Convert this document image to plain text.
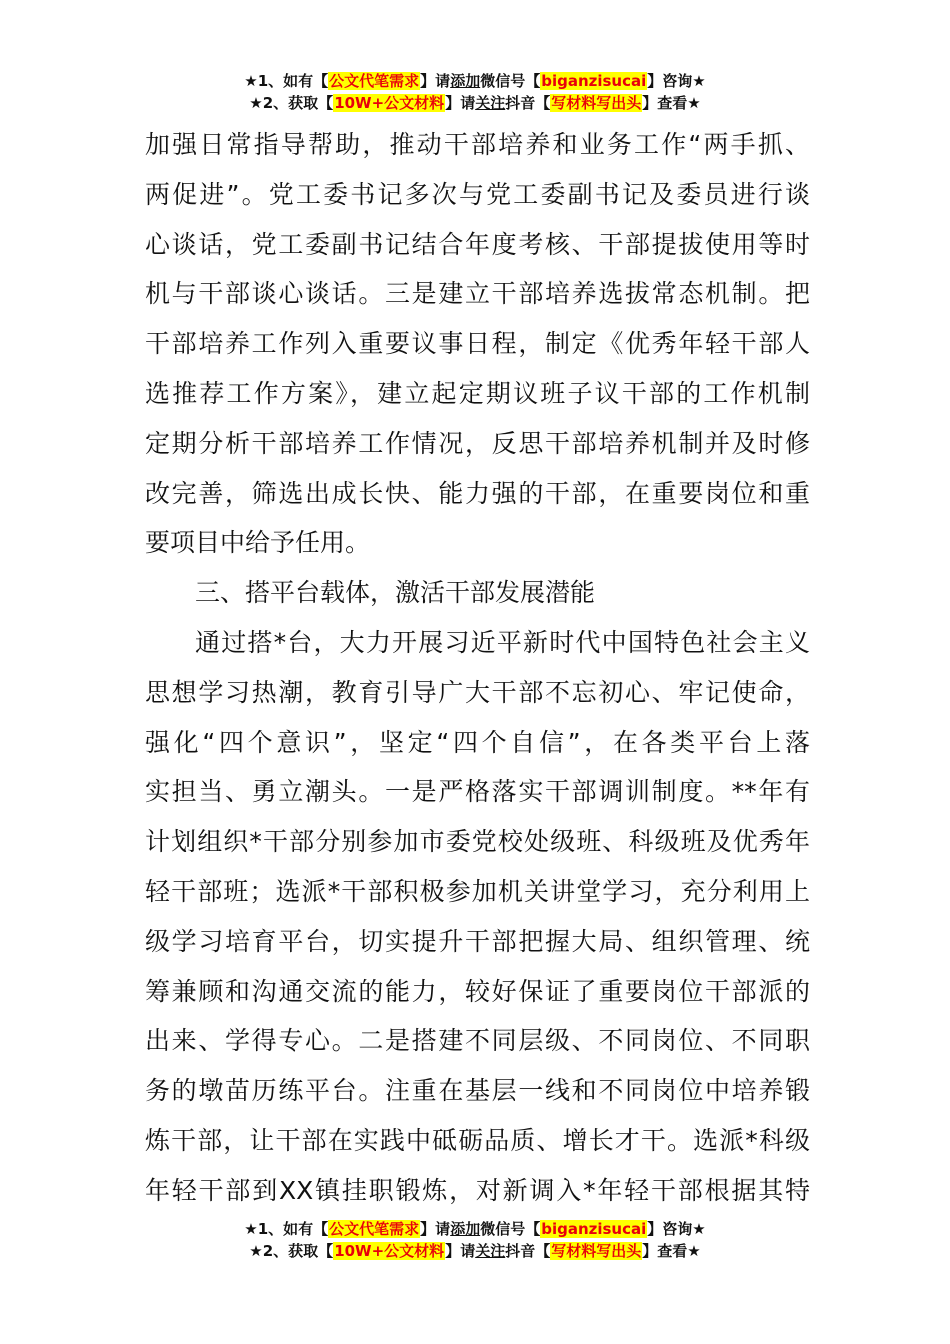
★1、如有【公文代笔需求】请添加微信号【biganzisucai】咨询★
★2、获取【10W+公文材料】请关注抖音【写材料写出头】查看★
加强日常指导帮助，推动干部培养和业务工作“两手抓、
两促进”。党工委书记多次与党工委副书记及委员进行谈
心谈话，党工委副书记结合年度考核、干部提拔使用等时
机与干部谈心谈话。三是建立干部培养选拔常态机制。把
干部培养工作列入重要议事日程，制定《优秀年轻干部人
选推荐工作方案》，建立起定期议班子议干部的工作机制
定期分析干部培养工作情况，反思干部培养机制并及时修
改完善，筛选出成长快、能力强的干部，在重要岗位和重
要项目中给予任用。
三、搭平台载体，激活干部发展潜能
通过搭*台，大力开展习近平新时代中国特色社会主义
思想学习热潮，教育引导广大干部不忘初心、牢记使命，
强化“四个意识”，坚定“四个自信”，在各类平台上落
实担当、勇立潮头。一是严格落实干部调训制度。**年有
计划组织*干部分别参加市委党校处级班、科级班及优秀年
轻干部班；选派*干部积极参加机关讲堂学习，充分利用上
级学习培育平台，切实提升干部把握大局、组织管理、统
筹兼顾和沟通交流的能力，较好保证了重要岗位干部派的
出来、学得专心。二是搭建不同层级、不同岗位、不同职
务的墩苗历练平台。注重在基层一线和不同岗位中培养锻
炼干部，让干部在实践中砥砺品质、增长才干。选派*科级
年轻干部到XX镇挂职锻炼，对新调入*年轻干部根据其特
★1、如有【公文代笔需求】请添加微信号【biganzisucai】咨询★
★2、获取【10W+公文材料】请关注抖音【写材料写出头】查看★
